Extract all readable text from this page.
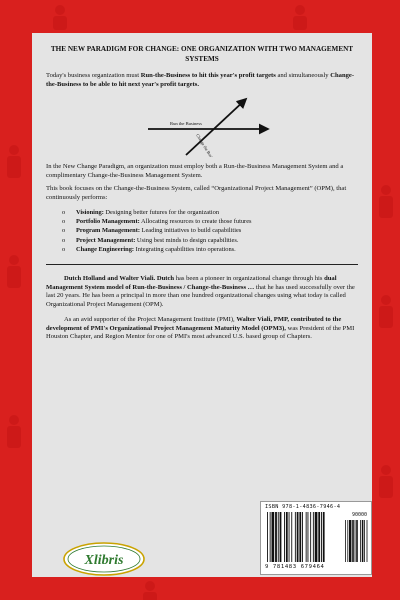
THE NEW PARADIGM FOR CHANGE: ONE ORGANIZATION WITH TWO MANAGEMENT SYSTEMS

Today's business organization must Run-the-Business to hit this year's profit targets and simultaneously Change-the-Business to be able to hit next year's profit targets.

Run the Business
Change the Business

In the New Change Paradigm, an organization must employ both a Run-the-Business Management System and a complimentary Change-the-Business Management System.

This book focuses on the Change-the-Business System, called “Organizational Project Management” (OPM), that continuously performs:

o Visioning: Designing better futures for the organization
o Portfolio Management: Allocating resources to create those futures
o Program Management: Leading initiatives to build capabilities
o Project Management: Using best minds to design capabilities.
o Change Engineering: Integrating capabilities into operations.

Dutch Holland and Walter Viali. Dutch has been a pioneer in organizational change through his dual Management System model of Run-the-Business / Change-the-Business … that he has used successfully over the last 20 years. He has been a principal in more than one hundred organizational changes using what today is called Organizational Project Management (OPM).

As an avid supporter of the Project Management Institute (PMI), Walter Viali, PMP, contributed to the development of PMI's Organizational Project Management Maturity Model (OPM3), was President of the PMI Houston Chapter, and Region Mentor for one of PMI's most advanced U.S. based group of Chapters.

Xlibris
ISBN 978-1-4836-7946-4
90000
9 781483 679464
